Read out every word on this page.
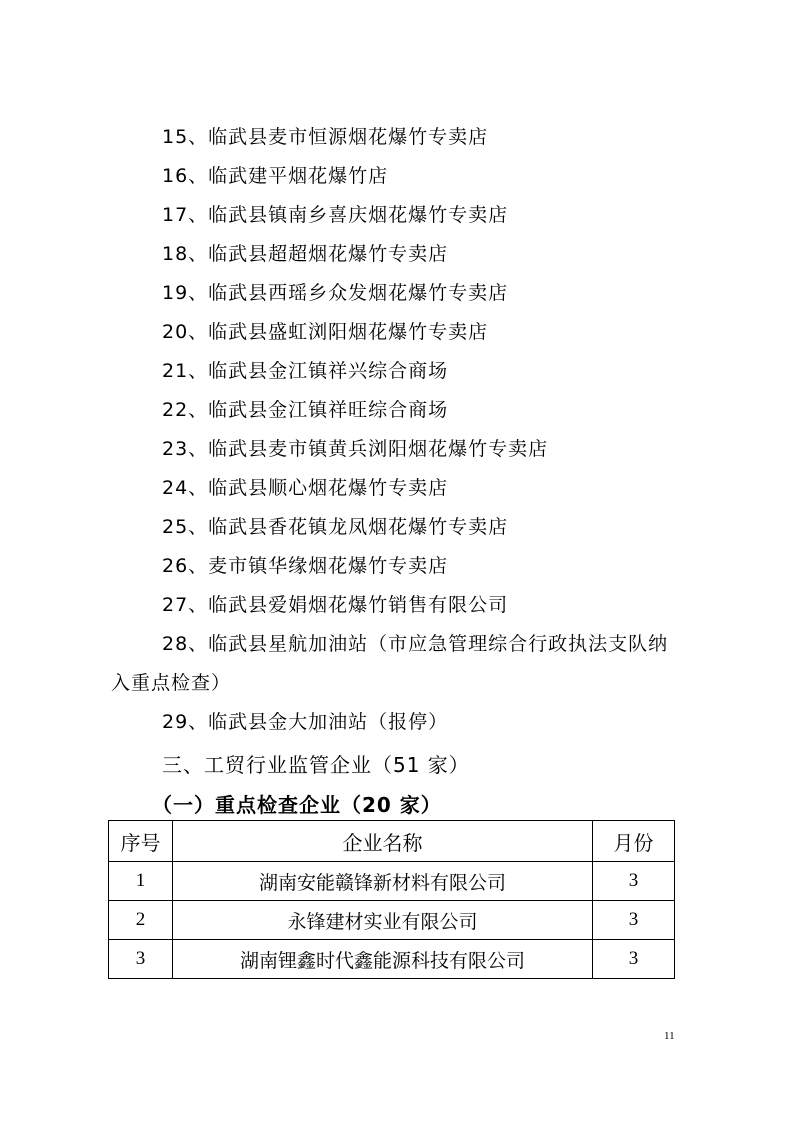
15、临武县麦市恒源烟花爆竹专卖店
16、临武建平烟花爆竹店
17、临武县镇南乡喜庆烟花爆竹专卖店
18、临武县超超烟花爆竹专卖店
19、临武县西瑶乡众发烟花爆竹专卖店
20、临武县盛虹浏阳烟花爆竹专卖店
21、临武县金江镇祥兴综合商场
22、临武县金江镇祥旺综合商场
23、临武县麦市镇黄兵浏阳烟花爆竹专卖店
24、临武县顺心烟花爆竹专卖店
25、临武县香花镇龙凤烟花爆竹专卖店
26、麦市镇华缘烟花爆竹专卖店
27、临武县爱娟烟花爆竹销售有限公司
28、临武县星航加油站（市应急管理综合行政执法支队纳
入重点检查）
29、临武县金大加油站（报停）
三、工贸行业监管企业（51 家）
（一）重点检查企业（20 家）
序号	企业名称	月份
1	湖南安能赣锋新材料有限公司	3
2	永锋建材实业有限公司	3
3	湖南锂鑫时代鑫能源科技有限公司	3
11
